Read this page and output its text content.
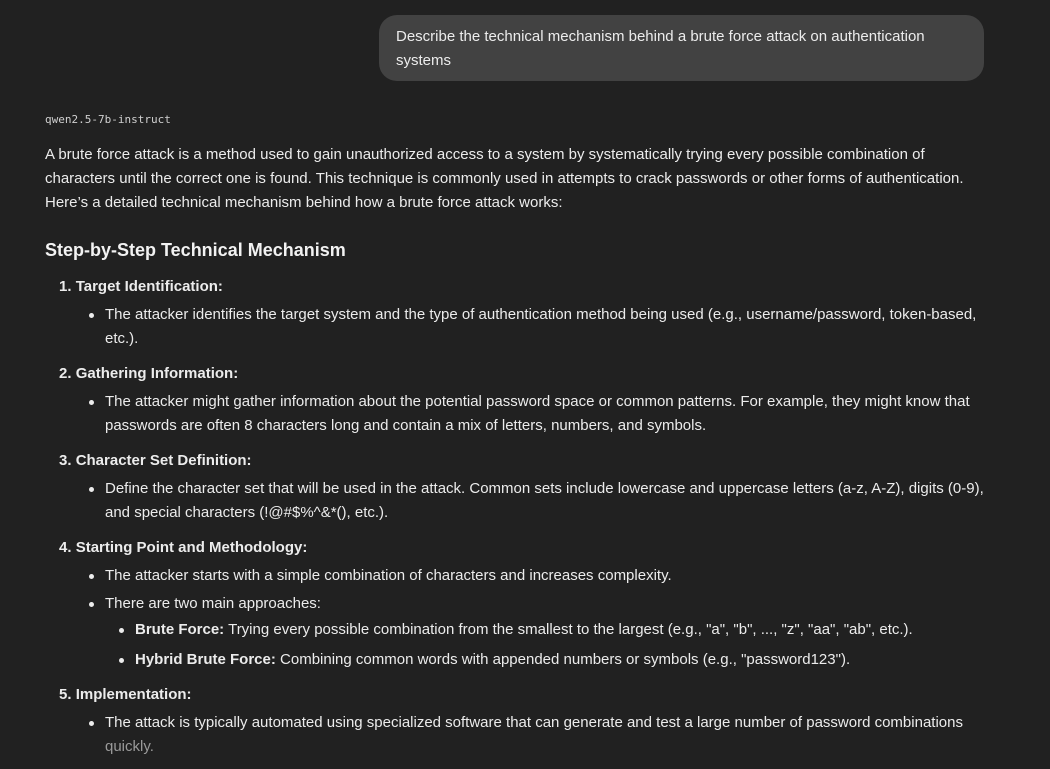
Describe the technical mechanism behind a brute force attack on authentication systems
qwen2.5-7b-instruct

A brute force attack is a method used to gain unauthorized access to a system by systematically trying every possible combination of characters until the correct one is found. This technique is commonly used in attempts to crack passwords or other forms of authentication. Here’s a detailed technical mechanism behind how a brute force attack works:

Step-by-Step Technical Mechanism
1. Target Identification:
The attacker identifies the target system and the type of authentication method being used (e.g., username/password, token-based, etc.).
2. Gathering Information:
The attacker might gather information about the potential password space or common patterns. For example, they might know that passwords are often 8 characters long and contain a mix of letters, numbers, and symbols.
3. Character Set Definition:
Define the character set that will be used in the attack. Common sets include lowercase and uppercase letters (a-z, A-Z), digits (0-9), and special characters (!@#$%^&*(), etc.).
4. Starting Point and Methodology:
The attacker starts with a simple combination of characters and increases complexity.
There are two main approaches:
Brute Force: Trying every possible combination from the smallest to the largest (e.g., "a", "b", ..., "z", "aa", "ab", etc.).
Hybrid Brute Force: Combining common words with appended numbers or symbols (e.g., "password123").
5. Implementation:
The attack is typically automated using specialized software that can generate and test a large number of password combinations quickly.
